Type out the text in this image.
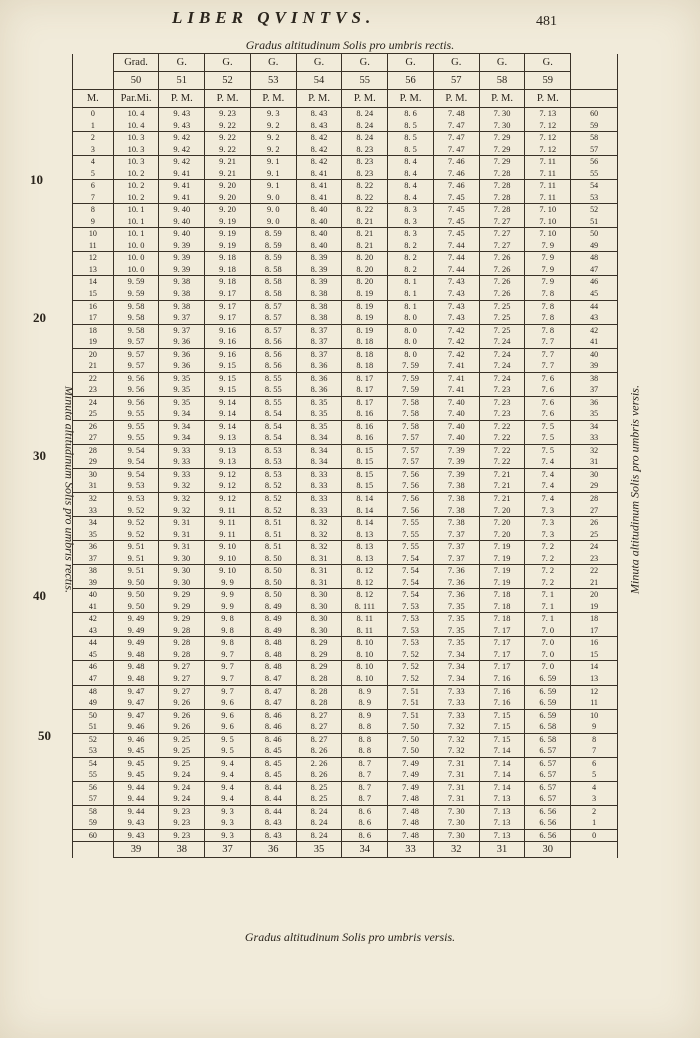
LIBER QVINTVS.	481
Gradus altitudinum Solis pro umbris rectis.
Gradus altitudinum Solis pro umbris versis.
Minuta altitudinum Solis pro umbris rectis.	Minuta altitudinum Solis pro umbris versis.
10
20
30
40
50
	Grad.	G.	G.	G.	G.	G.	G.	G.	G.	G.	
	50	51	52	53	54	55	56	57	58	59	
M.	Par.Mi.	P. M.	P. M.	P. M.	P. M.	P. M.	P. M.	P. M.	P. M.	P. M.	
0	10. 4	9. 43	9. 23	9. 3	8. 43	8. 24	8. 6	7. 48	7. 30	7. 13	60
1	10. 4	9. 43	9. 22	9. 2	8. 43	8. 24	8. 5	7. 47	7. 30	7. 12	59
2	10. 3	9. 42	9. 22	9. 2	8. 42	8. 24	8. 5	7. 47	7. 29	7. 12	58
3	10. 3	9. 42	9. 22	9. 2	8. 42	8. 23	8. 5	7. 47	7. 29	7. 12	57
4	10. 3	9. 42	9. 21	9. 1	8. 42	8. 23	8. 4	7. 46	7. 29	7. 11	56
5	10. 2	9. 41	9. 21	9. 1	8. 41	8. 23	8. 4	7. 46	7. 28	7. 11	55
6	10. 2	9. 41	9. 20	9. 1	8. 41	8. 22	8. 4	7. 46	7. 28	7. 11	54
7	10. 2	9. 41	9. 20	9. 0	8. 41	8. 22	8. 4	7. 45	7. 28	7. 11	53
8	10. 1	9. 40	9. 20	9. 0	8. 40	8. 22	8. 3	7. 45	7. 28	7. 10	52
9	10. 1	9. 40	9. 19	9. 0	8. 40	8. 21	8. 3	7. 45	7. 27	7. 10	51
10	10. 1	9. 40	9. 19	8. 59	8. 40	8. 21	8. 3	7. 45	7. 27	7. 10	50
11	10. 0	9. 39	9. 19	8. 59	8. 40	8. 21	8. 2	7. 44	7. 27	7. 9	49
12	10. 0	9. 39	9. 18	8. 59	8. 39	8. 20	8. 2	7. 44	7. 26	7. 9	48
13	10. 0	9. 39	9. 18	8. 58	8. 39	8. 20	8. 2	7. 44	7. 26	7. 9	47
14	9. 59	9. 38	9. 18	8. 58	8. 39	8. 20	8. 1	7. 43	7. 26	7. 9	46
15	9. 59	9. 38	9. 17	8. 58	8. 38	8. 19	8. 1	7. 43	7. 26	7. 8	45
16	9. 58	9. 38	9. 17	8. 57	8. 38	8. 19	8. 1	7. 43	7. 25	7. 8	44
17	9. 58	9. 37	9. 17	8. 57	8. 38	8. 19	8. 0	7. 43	7. 25	7. 8	43
18	9. 58	9. 37	9. 16	8. 57	8. 37	8. 19	8. 0	7. 42	7. 25	7. 8	42
19	9. 57	9. 36	9. 16	8. 56	8. 37	8. 18	8. 0	7. 42	7. 24	7. 7	41
20	9. 57	9. 36	9. 16	8. 56	8. 37	8. 18	8. 0	7. 42	7. 24	7. 7	40
21	9. 57	9. 36	9. 15	8. 56	8. 36	8. 18	7. 59	7. 41	7. 24	7. 7	39
22	9. 56	9. 35	9. 15	8. 55	8. 36	8. 17	7. 59	7. 41	7. 24	7. 6	38
23	9. 56	9. 35	9. 15	8. 55	8. 36	8. 17	7. 59	7. 41	7. 23	7. 6	37
24	9. 56	9. 35	9. 14	8. 55	8. 35	8. 17	7. 58	7. 40	7. 23	7. 6	36
25	9. 55	9. 34	9. 14	8. 54	8. 35	8. 16	7. 58	7. 40	7. 23	7. 6	35
26	9. 55	9. 34	9. 14	8. 54	8. 35	8. 16	7. 58	7. 40	7. 22	7. 5	34
27	9. 55	9. 34	9. 13	8. 54	8. 34	8. 16	7. 57	7. 40	7. 22	7. 5	33
28	9. 54	9. 33	9. 13	8. 53	8. 34	8. 15	7. 57	7. 39	7. 22	7. 5	32
29	9. 54	9. 33	9. 13	8. 53	8. 34	8. 15	7. 57	7. 39	7. 22	7. 4	31
30	9. 54	9. 33	9. 12	8. 53	8. 33	8. 15	7. 56	7. 39	7. 21	7. 4	30
31	9. 53	9. 32	9. 12	8. 52	8. 33	8. 15	7. 56	7. 38	7. 21	7. 4	29
32	9. 53	9. 32	9. 12	8. 52	8. 33	8. 14	7. 56	7. 38	7. 21	7. 4	28
33	9. 52	9. 32	9. 11	8. 52	8. 33	8. 14	7. 56	7. 38	7. 20	7. 3	27
34	9. 52	9. 31	9. 11	8. 51	8. 32	8. 14	7. 55	7. 38	7. 20	7. 3	26
35	9. 52	9. 31	9. 11	8. 51	8. 32	8. 13	7. 55	7. 37	7. 20	7. 3	25
36	9. 51	9. 31	9. 10	8. 51	8. 32	8. 13	7. 55	7. 37	7. 19	7. 2	24
37	9. 51	9. 30	9. 10	8. 50	8. 31	8. 13	7. 54	7. 37	7. 19	7. 2	23
38	9. 51	9. 30	9. 10	8. 50	8. 31	8. 12	7. 54	7. 36	7. 19	7. 2	22
39	9. 50	9. 30	9. 9	8. 50	8. 31	8. 12	7. 54	7. 36	7. 19	7. 2	21
40	9. 50	9. 29	9. 9	8. 50	8. 30	8. 12	7. 54	7. 36	7. 18	7. 1	20
41	9. 50	9. 29	9. 9	8. 49	8. 30	8. 111	7. 53	7. 35	7. 18	7. 1	19
42	9. 49	9. 29	9. 8	8. 49	8. 30	8. 11	7. 53	7. 35	7. 18	7. 1	18
43	9. 49	9. 28	9. 8	8. 49	8. 30	8. 11	7. 53	7. 35	7. 17	7. 0	17
44	9. 49	9. 28	9. 8	8. 48	8. 29	8. 10	7. 53	7. 35	7. 17	7. 0	16
45	9. 48	9. 28	9. 7	8. 48	8. 29	8. 10	7. 52	7. 34	7. 17	7. 0	15
46	9. 48	9. 27	9. 7	8. 48	8. 29	8. 10	7. 52	7. 34	7. 17	7. 0	14
47	9. 48	9. 27	9. 7	8. 47	8. 28	8. 10	7. 52	7. 34	7. 16	6. 59	13
48	9. 47	9. 27	9. 7	8. 47	8. 28	8. 9	7. 51	7. 33	7. 16	6. 59	12
49	9. 47	9. 26	9. 6	8. 47	8. 28	8. 9	7. 51	7. 33	7. 16	6. 59	11
50	9. 47	9. 26	9. 6	8. 46	8. 27	8. 9	7. 51	7. 33	7. 15	6. 59	10
51	9. 46	9. 26	9. 6	8. 46	8. 27	8. 8	7. 50	7. 32	7. 15	6. 58	9
52	9. 46	9. 25	9. 5	8. 46	8. 27	8. 8	7. 50	7. 32	7. 15	6. 58	8
53	9. 45	9. 25	9. 5	8. 45	8. 26	8. 8	7. 50	7. 32	7. 14	6. 57	7
54	9. 45	9. 25	9. 4	8. 45	2. 26	8. 7	7. 49	7. 31	7. 14	6. 57	6
55	9. 45	9. 24	9. 4	8. 45	8. 26	8. 7	7. 49	7. 31	7. 14	6. 57	5
56	9. 44	9. 24	9. 4	8. 44	8. 25	8. 7	7. 49	7. 31	7. 14	6. 57	4
57	9. 44	9. 24	9. 4	8. 44	8. 25	8. 7	7. 48	7. 31	7. 13	6. 57	3
58	9. 44	9. 23	9. 3	8. 44	8. 24	8. 6	7. 48	7. 30	7. 13	6. 56	2
59	9. 43	9. 23	9. 3	8. 43	8. 24	8. 6	7. 48	7. 30	7. 13	6. 56	1
60	9. 43	9. 23	9. 3	8. 43	8. 24	8. 6	7. 48	7. 30	7. 13	6. 56	0
	39	38	37	36	35	34	33	32	31	30	
